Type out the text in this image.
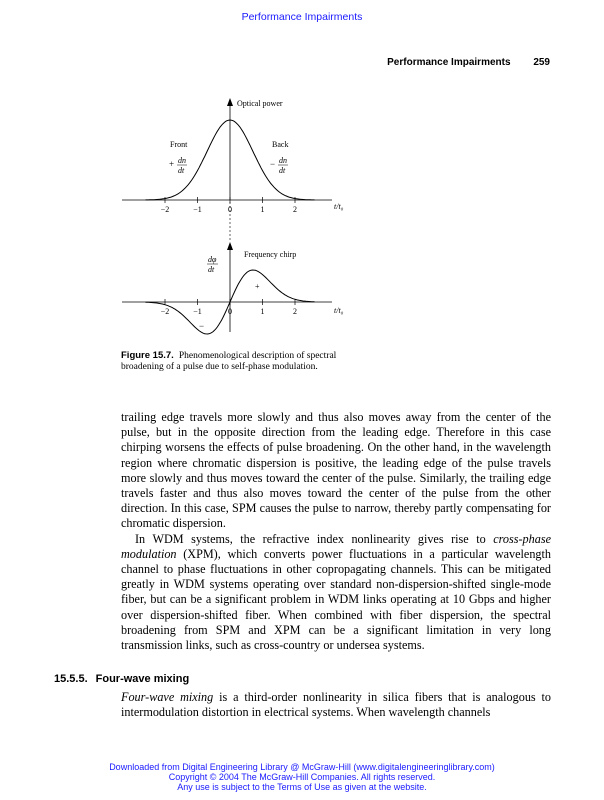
Performance Impairments
Performance Impairments 259
−2	−1	0	1	2
Optical power
Front	Back
+ dn
dt
− dn
dt
t/t₀
−2	−1	0	1	2
dφ
dt
Frequency chirp
+
−
t/t₀
Figure 15.7. Phenomenological description of spectral broadening of a pulse due to self-phase modulation.

trailing edge travels more slowly and thus also moves away from the center of the pulse, but in the opposite direction from the leading edge. Therefore in this case chirping worsens the effects of pulse broadening. On the other hand, in the wavelength region where chromatic dispersion is positive, the leading edge of the pulse travels more slowly and thus moves toward the center of the pulse. Similarly, the trailing edge travels faster and thus also moves toward the center of the pulse from the other direction. In this case, SPM causes the pulse to narrow, thereby partly compensating for chromatic dispersion.

In WDM systems, the refractive index nonlinearity gives rise to cross-phase modulation (XPM), which converts power fluctuations in a particular wavelength channel to phase fluctuations in other copropagating channels. This can be mitigated greatly in WDM systems operating over standard non-dispersion-shifted single-mode fiber, but can be a significant problem in WDM links operating at 10 Gbps and higher over dispersion-shifted fiber. When combined with fiber dispersion, the spectral broadening from SPM and XPM can be a significant limitation in very long transmission links, such as cross-country or undersea systems.

15.5.5. Four-wave mixing

Four-wave mixing is a third-order nonlinearity in silica fibers that is analogous to intermodulation distortion in electrical systems. When wavelength channels

Downloaded from Digital Engineering Library @ McGraw-Hill (www.digitalengineeringlibrary.com)
Copyright © 2004 The McGraw-Hill Companies. All rights reserved.
Any use is subject to the Terms of Use as given at the website.
